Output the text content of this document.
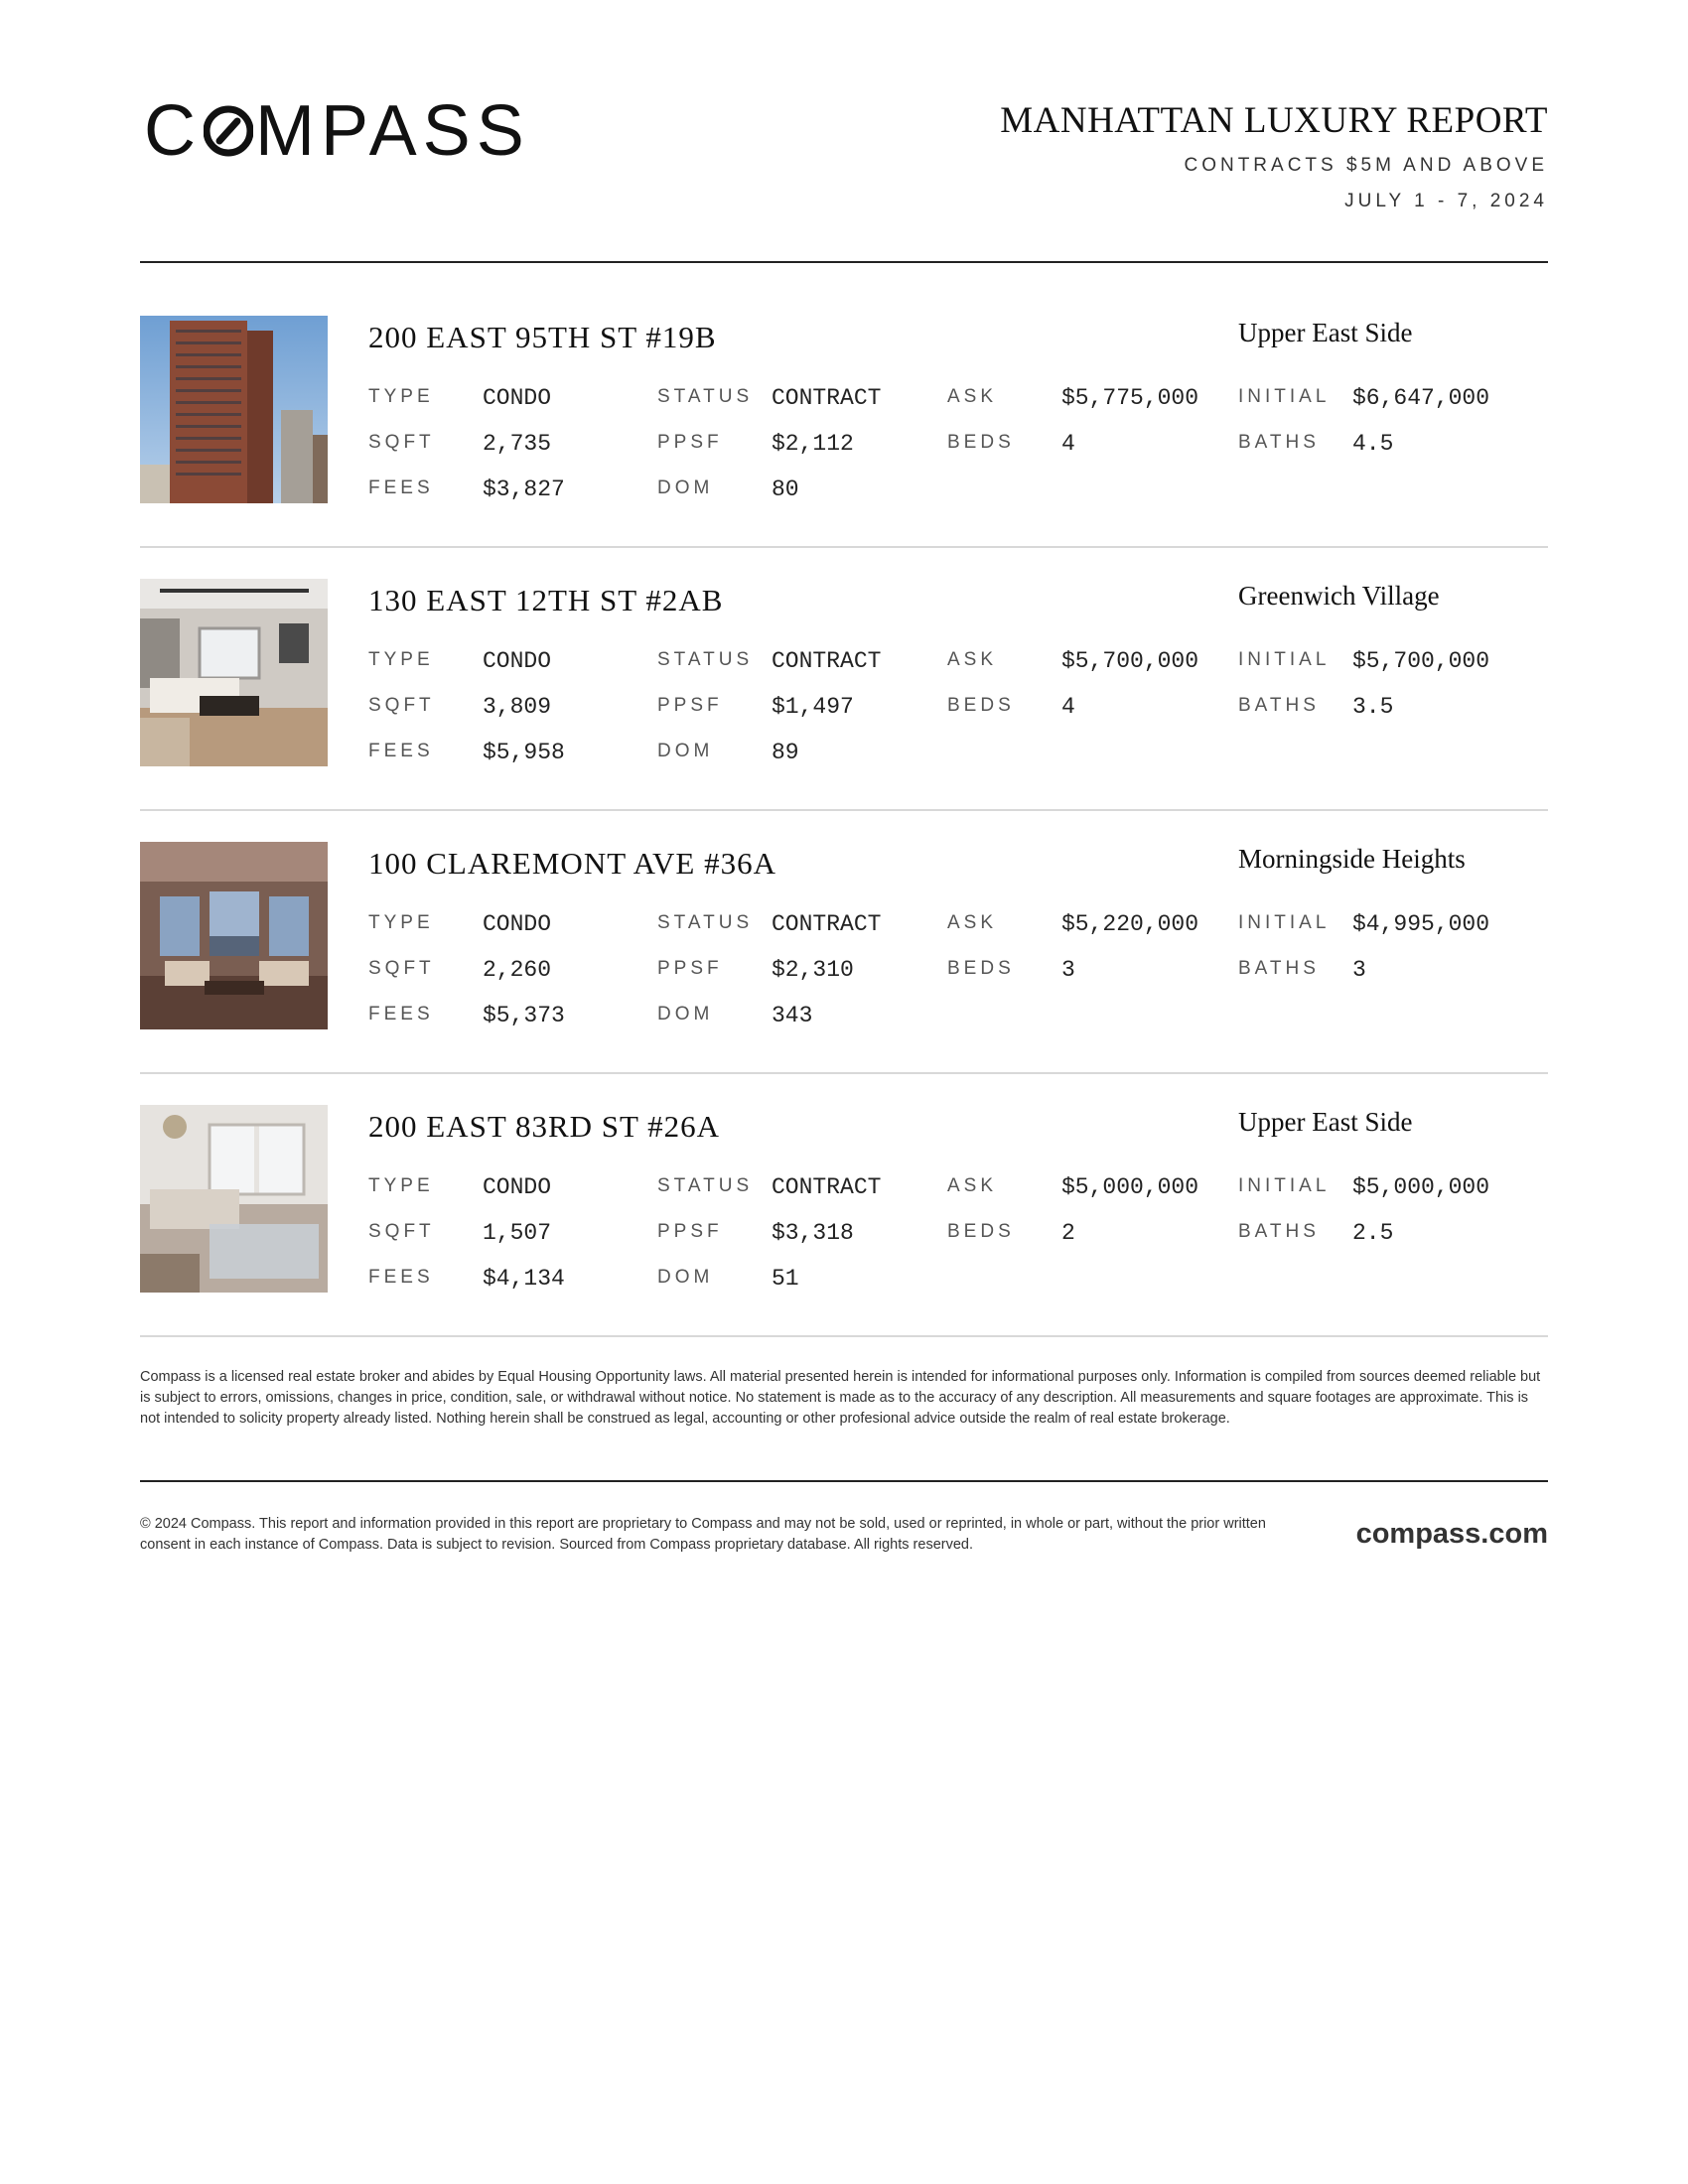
C MPASS	MANHATTAN LUXURY REPORT
CONTRACTS $5M AND ABOVE
JULY 1 - 7, 2024
200 EAST 95TH ST #19B	Upper East Side
TYPE CONDO	STATUS CONTRACT	ASK	$5,775,000 INITIAL $6,647,000
SQFT 2,735	PPSF $2,112	BEDS 4	BATHS 4.5
FEES $3,827	DOM	80
130 EAST 12TH ST #2AB	Greenwich Village
TYPE CONDO	STATUS CONTRACT	ASK	$5,700,000 INITIAL $5,700,000
SQFT 3,809	PPSF $1,497	BEDS 4	BATHS 3.5
FEES $5,958	DOM	89
100 CLAREMONT AVE #36A	Morningside Heights
TYPE CONDO	STATUS CONTRACT	ASK	$5,220,000 INITIAL $4,995,000
SQFT 2,260	PPSF $2,310	BEDS 3	BATHS 3
FEES $5,373	DOM	343
200 EAST 83RD ST #26A	Upper East Side
TYPE CONDO	STATUS CONTRACT	ASK	$5,000,000 INITIAL $5,000,000
SQFT 1,507	PPSF $3,318	BEDS 2	BATHS 2.5
FEES $4,134	DOM	51
Compass is a licensed real estate broker and abides by Equal Housing Opportunity laws. All material presented herein is intended for informational purposes only. Information is compiled from sources deemed reliable but is subject to errors, omissions, changes in price, condition, sale, or withdrawal without notice. No statement is made as to the accuracy of any description. All measurements and square footages are approximate. This is not intended to solicity property already listed. Nothing herein shall be construed as legal, accounting or other profesional advice outside the realm of real estate brokerage.
© 2024 Compass. This report and information provided in this report are proprietary to Compass and may not be sold, used or reprinted, in whole or part, without the prior written consent in each instance of Compass. Data is subject to revision. Sourced from Compass proprietary database. All rights reserved.	compass.com
